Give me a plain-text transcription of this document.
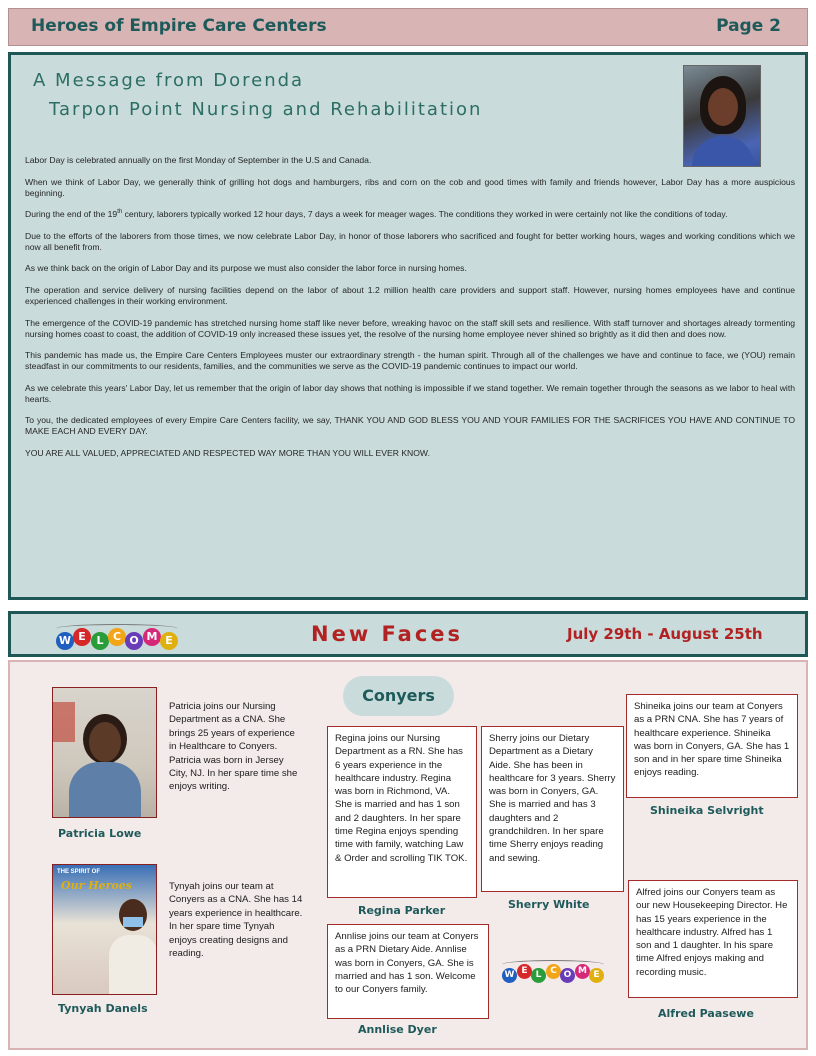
Heroes of Empire Care Centers	Page 2
A Message from Dorenda
Tarpon Point Nursing and Rehabilitation

Labor Day is celebrated annually on the first Monday of September in the U.S and Canada.

When we think of Labor Day, we generally think of grilling hot dogs and hamburgers, ribs and corn on the cob and good times with family and friends however, Labor Day has a more auspicious beginning.

During the end of the 19th century, laborers typically worked 12 hour days, 7 days a week for meager wages. The conditions they worked in were certainly not like the conditions of today.

Due to the efforts of the laborers from those times, we now celebrate Labor Day, in honor of those laborers who sacrificed and fought for better working hours, wages and working conditions which we now all benefit from.

As we think back on the origin of Labor Day and its purpose we must also consider the labor force in nursing homes.

The operation and service delivery of nursing facilities depend on the labor of about 1.2 million health care providers and support staff. However, nursing homes employees have and continue experienced challenges in their working environment.

The emergence of the COVID-19 pandemic has stretched nursing home staff like never before, wreaking havoc on the staff skill sets and resilience. With staff turnover and shortages already tormenting nursing homes coast to coast, the addition of COVID-19 only increased these issues yet, the resolve of the nursing home employee never shined so brightly as it did then and does now.

This pandemic has made us, the Empire Care Centers Employees muster our extraordinary strength - the human spirit. Through all of the challenges we have and continue to face, we (YOU) remain steadfast in our commitments to our residents, families, and the communities we serve as the COVID-19 pandemic continues to impact our world.

As we celebrate this years' Labor Day, let us remember that the origin of labor day shows that nothing is impossible if we stand together. We remain together through the seasons as we labor to heal with hearts.

To you, the dedicated employees of every Empire Care Centers facility, we say, THANK YOU AND GOD BLESS YOU AND YOUR FAMILIES FOR THE SACRIFICES YOU HAVE AND CONTINUE TO MAKE EACH AND EVERY DAY.

YOU ARE ALL VALUED, APPRECIATED AND RESPECTED WAY MORE THAN YOU WILL EVER KNOW.

W E L C O M E	New Faces	July 29th - August 25th
Conyers
Patricia joins our Nursing Department as a CNA. She brings 25 years of experience in Healthcare to Conyers. Patricia was born in Jersey City, NJ. In her spare time she enjoys writing.
Patricia Lowe
THE SPIRIT OF
Our Heroes	Tynyah joins our team at Conyers as a CNA. She has 14 years experience in healthcare. In her spare time Tynyah enjoys creating designs and reading.
Tynyah Danels
Regina joins our Nursing Department as a RN. She has 6 years experience in the healthcare industry. Regina was born in Richmond, VA. She is married and has 1 son and 2 daughters. In her spare time Regina enjoys spending time with family, watching Law & Order and scrolling TIK TOK.
Regina Parker
Sherry joins our Dietary Department as a Dietary Aide. She has been in healthcare for 3 years. Sherry was born in Conyers, GA. She is married and has 3 daughters and 2 grandchildren. In her spare time Sherry enjoys reading and sewing.
Sherry White
Shineika joins our team at Conyers as a PRN CNA. She has 7 years of healthcare experience. Shineika was born in Conyers, GA. She has 1 son and in her spare time Shineika enjoys reading.
Shineika Selvright
Annlise joins our team at Conyers as a PRN Dietary Aide. Annlise was born in Conyers, GA. She is married and has 1 son. Welcome to our Conyers family.
Annlise Dyer
Alfred joins our Conyers team as our new Housekeeping Director. He has 15 years experience in the healthcare industry. Alfred has 1 son and 1 daughter. In his spare time Alfred enjoys making and recording music.
Alfred Paasewe
W E L C O M E
